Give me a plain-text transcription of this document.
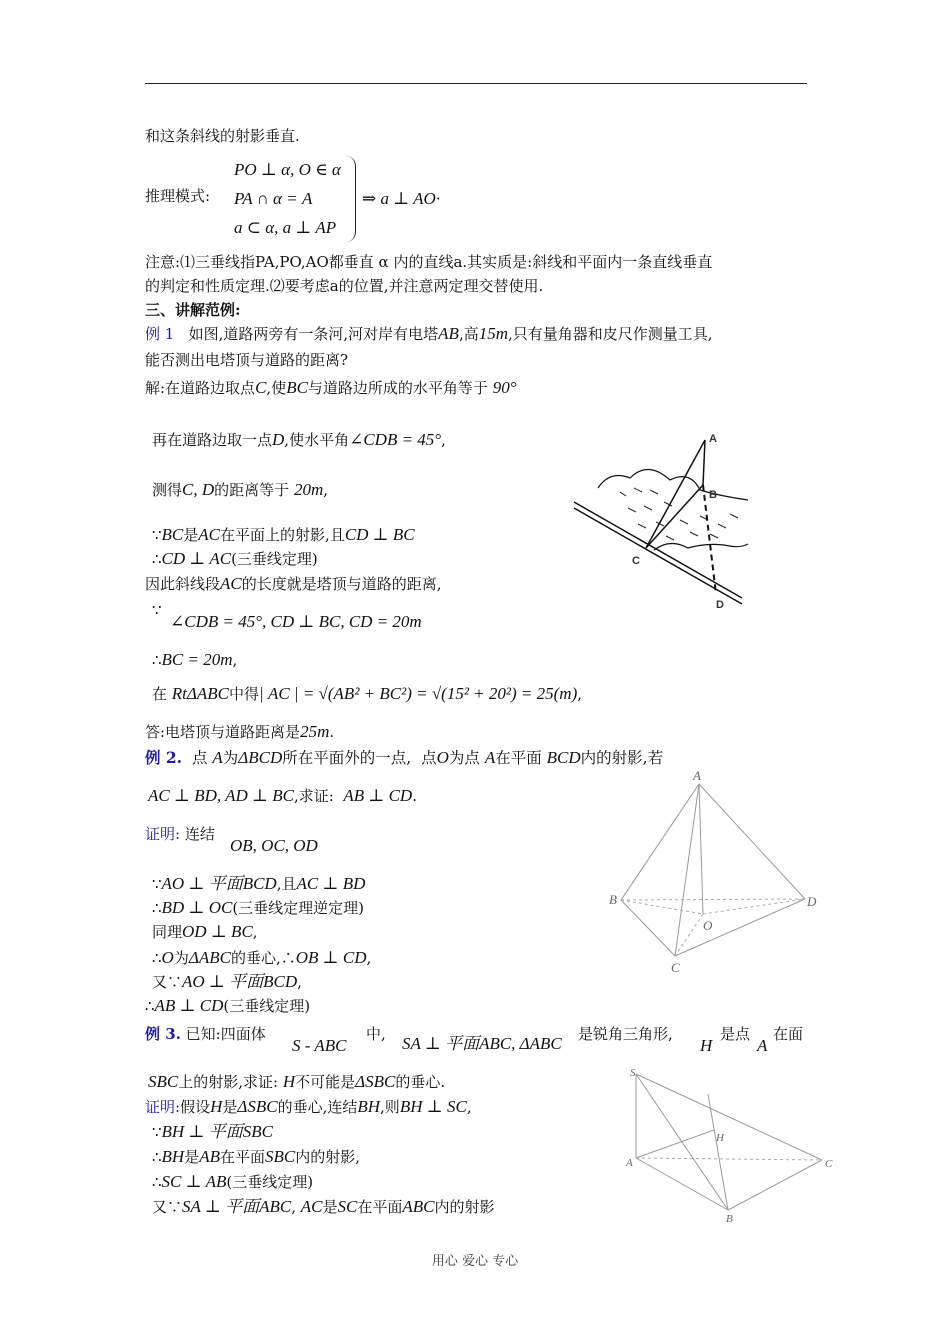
和这条斜线的射影垂直.
推理模式:
PO ⊥ α, O ∈ α
PA ∩ α = A
a ⊂ α, a ⊥ AP
⇒ a ⊥ AO·
注意:⑴三垂线指PA,PO,AO都垂直 α 内的直线a.其实质是:斜线和平面内一条直线垂直
的判定和性质定理.⑵要考虑a的位置,并注意两定理交替使用.
三、讲解范例:
例 1 如图,道路两旁有一条河,河对岸有电塔AB,高15m,只有量角器和皮尺作测量工具,
能否测出电塔顶与道路的距离?
解:在道路边取点C,使BC与道路边所成的水平角等于 90°
再在道路边取一点D,使水平角∠CDB = 45°,
测得C, D的距离等于 20m,
∵BC是AC在平面上的射影,且CD ⊥ BC
∴CD ⊥ AC(三垂线定理)
因此斜线段AC的长度就是塔顶与道路的距离,
∵
∠CDB = 45°, CD ⊥ BC, CD = 20m
∴BC = 20m,
在 RtΔABC中得| AC | = √(AB² + BC²) = √(15² + 20²) = 25(m),
答:电塔顶与道路距离是25m.
A
B
C
D
例 2. 点 A为ΔBCD所在平面外的一点, 点O为点 A在平面 BCD内的射影,若
AC ⊥ BD, AD ⊥ BC,求证: AB ⊥ CD.
证明: 连结
OB, OC, OD
∵AO ⊥ 平面BCD,且AC ⊥ BD
∴BD ⊥ OC(三垂线定理逆定理)
同理OD ⊥ BC,
∴O为ΔABC的垂心,∴OB ⊥ CD,
又∵AO ⊥ 平面BCD,
∴AB ⊥ CD(三垂线定理)
A
B	D
O
C
例 3. 已知:四面体
S - ABC
中, SA ⊥ 平面ABC, ΔABC 是锐角三角形,
H
是点
A
在面
SBC上的射影,求证: H不可能是ΔSBC的垂心.
证明:假设H是ΔSBC的垂心,连结BH,则BH ⊥ SC,
∵BH ⊥ 平面SBC
∴BH是AB在平面SBC内的射影,
∴SC ⊥ AB(三垂线定理)
又∵SA ⊥ 平面ABC, AC是SC在平面ABC内的射影
S
A
H
C
B
用心 爱心 专心
